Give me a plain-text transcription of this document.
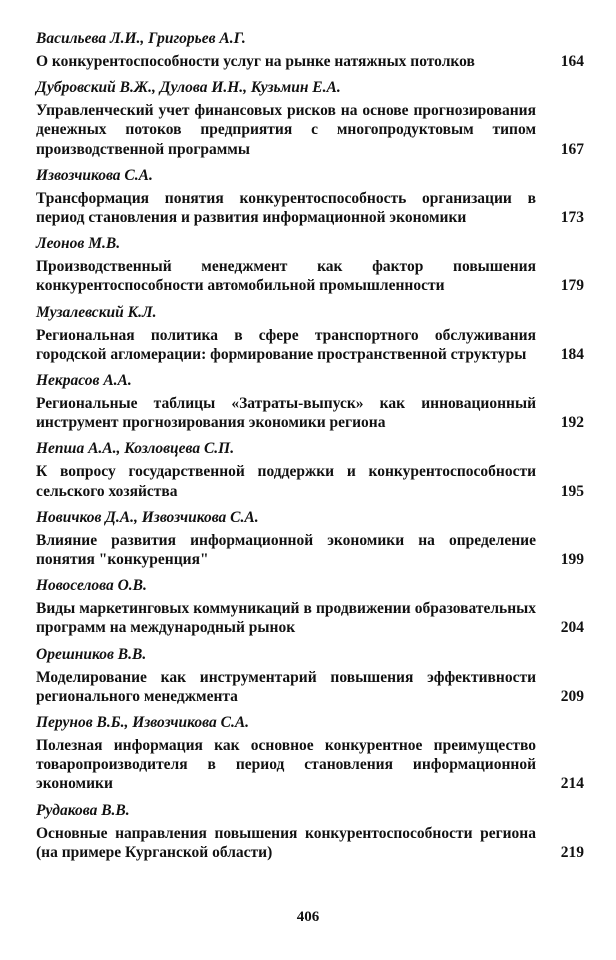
Васильева Л.И., Григорьев А.Г.
О конкурентоспособности услуг на рынке натяжных потолков	164
Дубровский В.Ж., Дулова И.Н., Кузьмин Е.А.
Управленческий учет финансовых рисков на основе прогнозирования денежных потоков предприятия с многопродуктовым типом производственной программы	167
Извозчикова С.А.
Трансформация понятия конкурентоспособность организации в период становления и развития информационной экономики	173
Леонов М.В.
Производственный менеджмент как фактор повышения конкурентоспособности автомобильной промышленности	179
Музалевский К.Л.
Региональная политика в сфере транспортного обслуживания городской агломерации: формирование пространственной структуры 184
Некрасов А.А.
Региональные таблицы «Затраты-выпуск» как инновационный инструмент прогнозирования экономики региона	192
Непша А.А., Козловцева С.П.
К вопросу государственной поддержки и конкурентоспособности сельского хозяйства	195
Новичков Д.А., Извозчикова С.А.
Влияние развития информационной экономики на определение понятия "конкуренция"	199
Новоселова О.В.
Виды маркетинговых коммуникаций в продвижении образовательных программ на международный рынок	204
Орешников В.В.
Моделирование как инструментарий повышения эффективности регионального менеджмента	209
Перунов В.Б., Извозчикова С.А.
Полезная информация как основное конкурентное преимущество товаропроизводителя в период становления информационной экономики	214
Рудакова В.В.
Основные направления повышения конкурентоспособности региона (на примере Курганской области)	219
406
